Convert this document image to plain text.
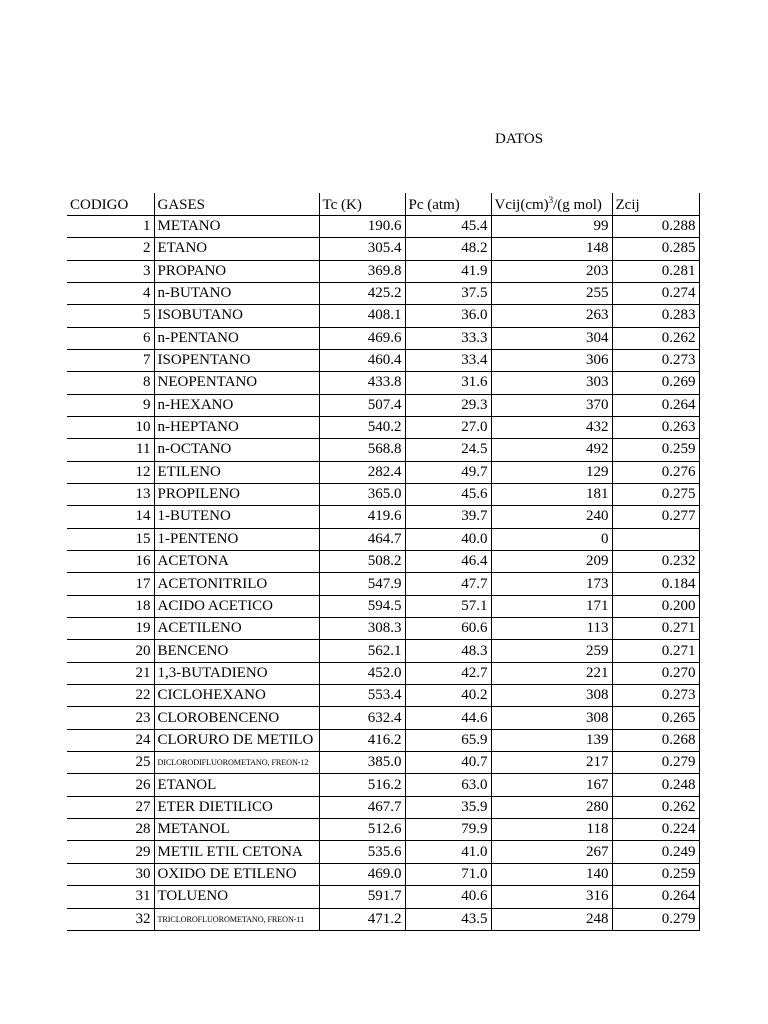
DATOS
CODIGO	GASES	Tc (K)	Pc (atm)	Vcij(cm)$^3$/(g mol)	Zcij
1	METANO	190.6	45.4	99	0.288
2	ETANO	305.4	48.2	148	0.285
3	PROPANO	369.8	41.9	203	0.281
4	n-BUTANO	425.2	37.5	255	0.274
5	ISOBUTANO	408.1	36.0	263	0.283
6	n-PENTANO	469.6	33.3	304	0.262
7	ISOPENTANO	460.4	33.4	306	0.273
8	NEOPENTANO	433.8	31.6	303	0.269
9	n-HEXANO	507.4	29.3	370	0.264
10	n-HEPTANO	540.2	27.0	432	0.263
11	n-OCTANO	568.8	24.5	492	0.259
12	ETILENO	282.4	49.7	129	0.276
13	PROPILENO	365.0	45.6	181	0.275
14	1-BUTENO	419.6	39.7	240	0.277
15	1-PENTENO	464.7	40.0	0	
16	ACETONA	508.2	46.4	209	0.232
17	ACETONITRILO	547.9	47.7	173	0.184
18	ACIDO ACETICO	594.5	57.1	171	0.200
19	ACETILENO	308.3	60.6	113	0.271
20	BENCENO	562.1	48.3	259	0.271
21	1,3-BUTADIENO	452.0	42.7	221	0.270
22	CICLOHEXANO	553.4	40.2	308	0.273
23	CLOROBENCENO	632.4	44.6	308	0.265
24	CLORURO DE METILO	416.2	65.9	139	0.268
25	DICLORODIFLUOROMETANO, FREON-12	385.0	40.7	217	0.279
26	ETANOL	516.2	63.0	167	0.248
27	ETER DIETILICO	467.7	35.9	280	0.262
28	METANOL	512.6	79.9	118	0.224
29	METIL ETIL CETONA	535.6	41.0	267	0.249
30	OXIDO DE ETILENO	469.0	71.0	140	0.259
31	TOLUENO	591.7	40.6	316	0.264
32	TRICLOROFLUOROMETANO, FREON-11	471.2	43.5	248	0.279
